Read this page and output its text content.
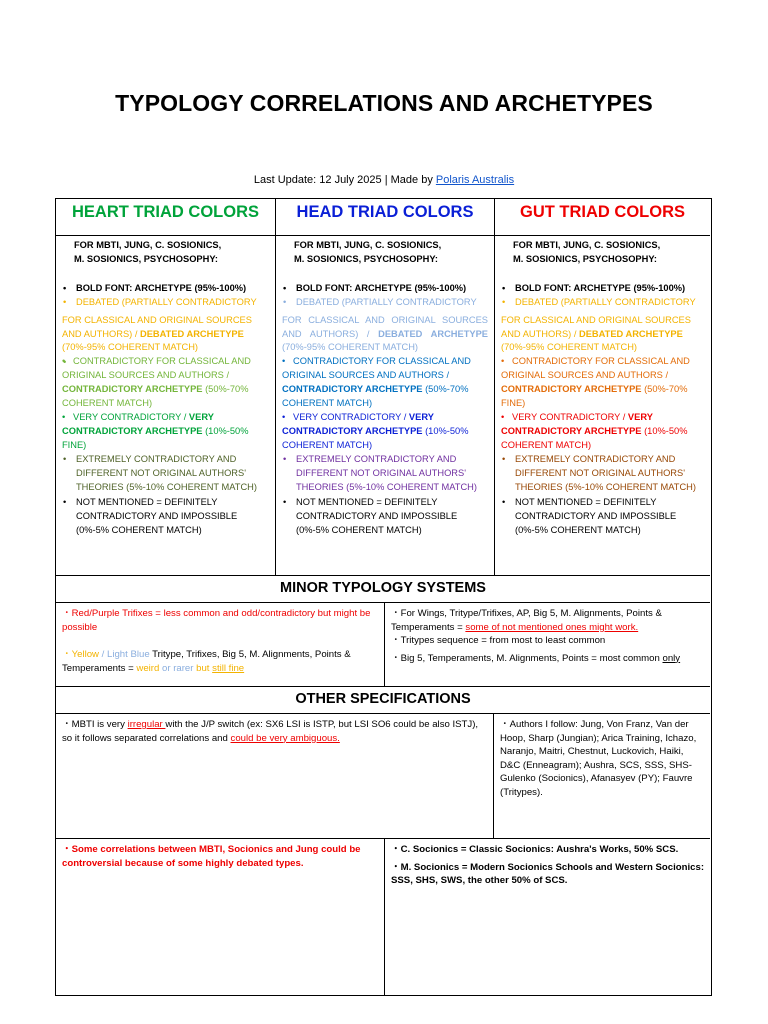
TYPOLOGY CORRELATIONS AND ARCHETYPES
Last Update: 12 July 2025 | Made by Polaris Australis
HEART TRIAD COLORS
FOR MBTI, JUNG, C. SOSIONICS,
M. SOSIONICS, PSYCHOSOPHY:
• BOLD FONT: ARCHETYPE (95%-100%)
• DEBATED (PARTIALLY CONTRADICTORY
FOR CLASSICAL AND ORIGINAL SOURCES AND AUTHORS) / DEBATED ARCHETYPE (70%-95% COHERENT MATCH)
•   CONTRADICTORY FOR CLASSICAL AND ORIGINAL SOURCES AND AUTHORS / CONTRADICTORY ARCHETYPE (50%-70% COHERENT MATCH)
•   VERY CONTRADICTORY / VERY CONTRADICTORY ARCHETYPE (10%-50% FINE)
• EXTREMELY CONTRADICTORY AND DIFFERENT NOT ORIGINAL AUTHORS' THEORIES (5%-10% COHERENT MATCH)
• NOT MENTIONED = DEFINITELY CONTRADICTORY AND IMPOSSIBLE (0%-5% COHERENT MATCH)
HEAD TRIAD COLORS
FOR MBTI, JUNG, C. SOSIONICS,
M. SOSIONICS, PSYCHOSOPHY:
• BOLD FONT: ARCHETYPE (95%-100%)
• DEBATED (PARTIALLY CONTRADICTORY
FOR CLASSICAL AND ORIGINAL SOURCES AND AUTHORS) / DEBATED ARCHETYPE (70%-95% COHERENT MATCH)
•   CONTRADICTORY FOR CLASSICAL AND ORIGINAL SOURCES AND AUTHORS / CONTRADICTORY ARCHETYPE (50%-70% COHERENT MATCH)
•   VERY CONTRADICTORY / VERY CONTRADICTORY ARCHETYPE (10%-50% COHERENT MATCH)
• EXTREMELY CONTRADICTORY AND DIFFERENT NOT ORIGINAL AUTHORS' THEORIES (5%-10% COHERENT MATCH)
• NOT MENTIONED = DEFINITELY CONTRADICTORY AND IMPOSSIBLE (0%-5% COHERENT MATCH)
GUT TRIAD COLORS
FOR MBTI, JUNG, C. SOSIONICS,
M. SOSIONICS, PSYCHOSOPHY:
• BOLD FONT: ARCHETYPE (95%-100%)
• DEBATED (PARTIALLY CONTRADICTORY
FOR CLASSICAL AND ORIGINAL SOURCES AND AUTHORS) / DEBATED ARCHETYPE (70%-95% COHERENT MATCH)
•   CONTRADICTORY FOR CLASSICAL AND ORIGINAL SOURCES AND AUTHORS / CONTRADICTORY ARCHETYPE (50%-70% FINE)
•   VERY CONTRADICTORY / VERY CONTRADICTORY ARCHETYPE (10%-50% COHERENT MATCH)
• EXTREMELY CONTRADICTORY AND DIFFERENT NOT ORIGINAL AUTHORS' THEORIES (5%-10% COHERENT MATCH)
• NOT MENTIONED = DEFINITELY CONTRADICTORY AND IMPOSSIBLE (0%-5% COHERENT MATCH)
MINOR TYPOLOGY SYSTEMS
・Red/Purple Trifixes = less common and odd/contradictory but might be possible
・Yellow / Light Blue Tritype, Trifixes, Big 5, M. Alignments, Points & Temperaments = weird or rarer but still fine
・For Wings, Tritype/Trifixes, AP, Big 5, M. Alignments, Points & Temperaments = some of not mentioned ones might work.
・Tritypes sequence = from most to least common
・Big 5, Temperaments, M. Alignments, Points = most common only
OTHER SPECIFICATIONS
・MBTI is very irregular with the J/P switch (ex: SX6 LSI is ISTP, but LSI SO6 could be also ISTJ), so it follows separated correlations and could be very ambiguous.
・Authors I follow: Jung, Von Franz, Van der Hoop, Sharp (Jungian); Arica Training, Ichazo, Naranjo, Maitri, Chestnut, Luckovich, Haiki, D&C (Enneagram); Aushra, SCS, SSS, SHS-Gulenko (Socionics), Afanasyev (PY); Fauvre (Tritypes).
・Some correlations between MBTI, Socionics and Jung could be controversial because of some highly debated types.
・C. Socionics = Classic Socionics: Aushra's Works, 50% SCS.
・M. Socionics = Modern Socionics Schools and Western Socionics: SSS, SHS, SWS, the other 50% of SCS.
